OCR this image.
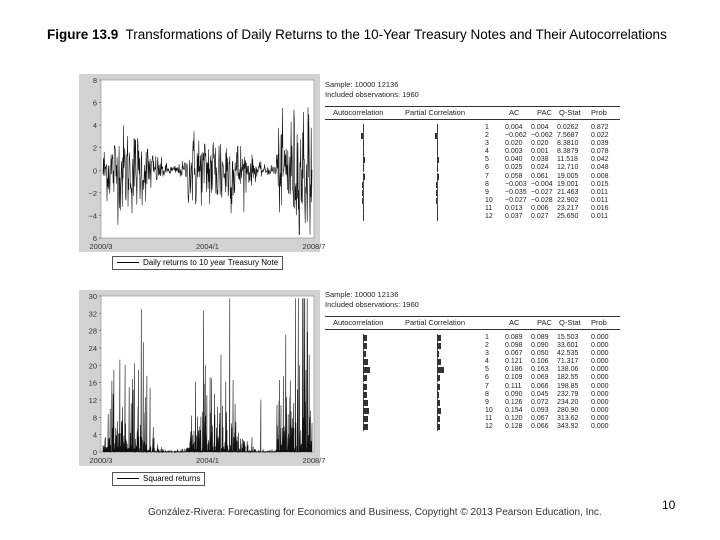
Figure 13.9 Transformations of Daily Returns to the 10-Year Treasury Notes and Their Autocorrelations
8
6
4
2
0
−2
−4
6
2000/3	2004/1	2008/7
Daily returns to 10 year Treasury Note
30
32
28
24
20
16
12
8
4
0
2000/3	2004/1	2008/7
Squared returns
Sample: 10000 12136
Included observations: 1960
Autocorrelation	Partial Correlation	AC PAC Q-Stat Prob
1 0.004 0.004 0.0262 0.872
2 −0.062 −0.062 7.5687 0.022
3 0.020 0.020 8.3810 0.039
4 0.003 0.001 8.3879 0.078
5 0.040 0.038 11.518 0.042
6 0.025 0.024 12.710 0.048
7 0.058 0.061 19.005 0.008
8 −0.003 −0.004 19.001 0.015
9 −0.035 −0.027 21.463 0.011
10 −0.027 −0.028 22.902 0.011
11 0.013 0.006 23.217 0.016
12 0.037 0.027 25.650 0.011
Sample: 10000 12136
Included observations: 1960
Autocorrelation	Partial Correlation	AC PAC Q-Stat Prob
1 0.089 0.089 15.503 0.000
2 0.098 0.090 33.601 0.000
3 0.067 0.050 42.535 0.000
4 0.121 0.106 71.317 0.000
5 0.186 0.163 138.06 0.000
6 0.109 0.069 182.55 0.000
7 0.111 0.066 198.85 0.000
8 0.090 0.045 232.79 0.000
9 0.126 0.072 234.20 0.000
10 0.154 0.093 280.90 0.000
11 0.120 0.067 313.62 0.000
12 0.128 0.066 343.92 0.000
González-Rivera: Forecasting for Economics and Business, Copyright © 2013 Pearson Education, Inc.
10
